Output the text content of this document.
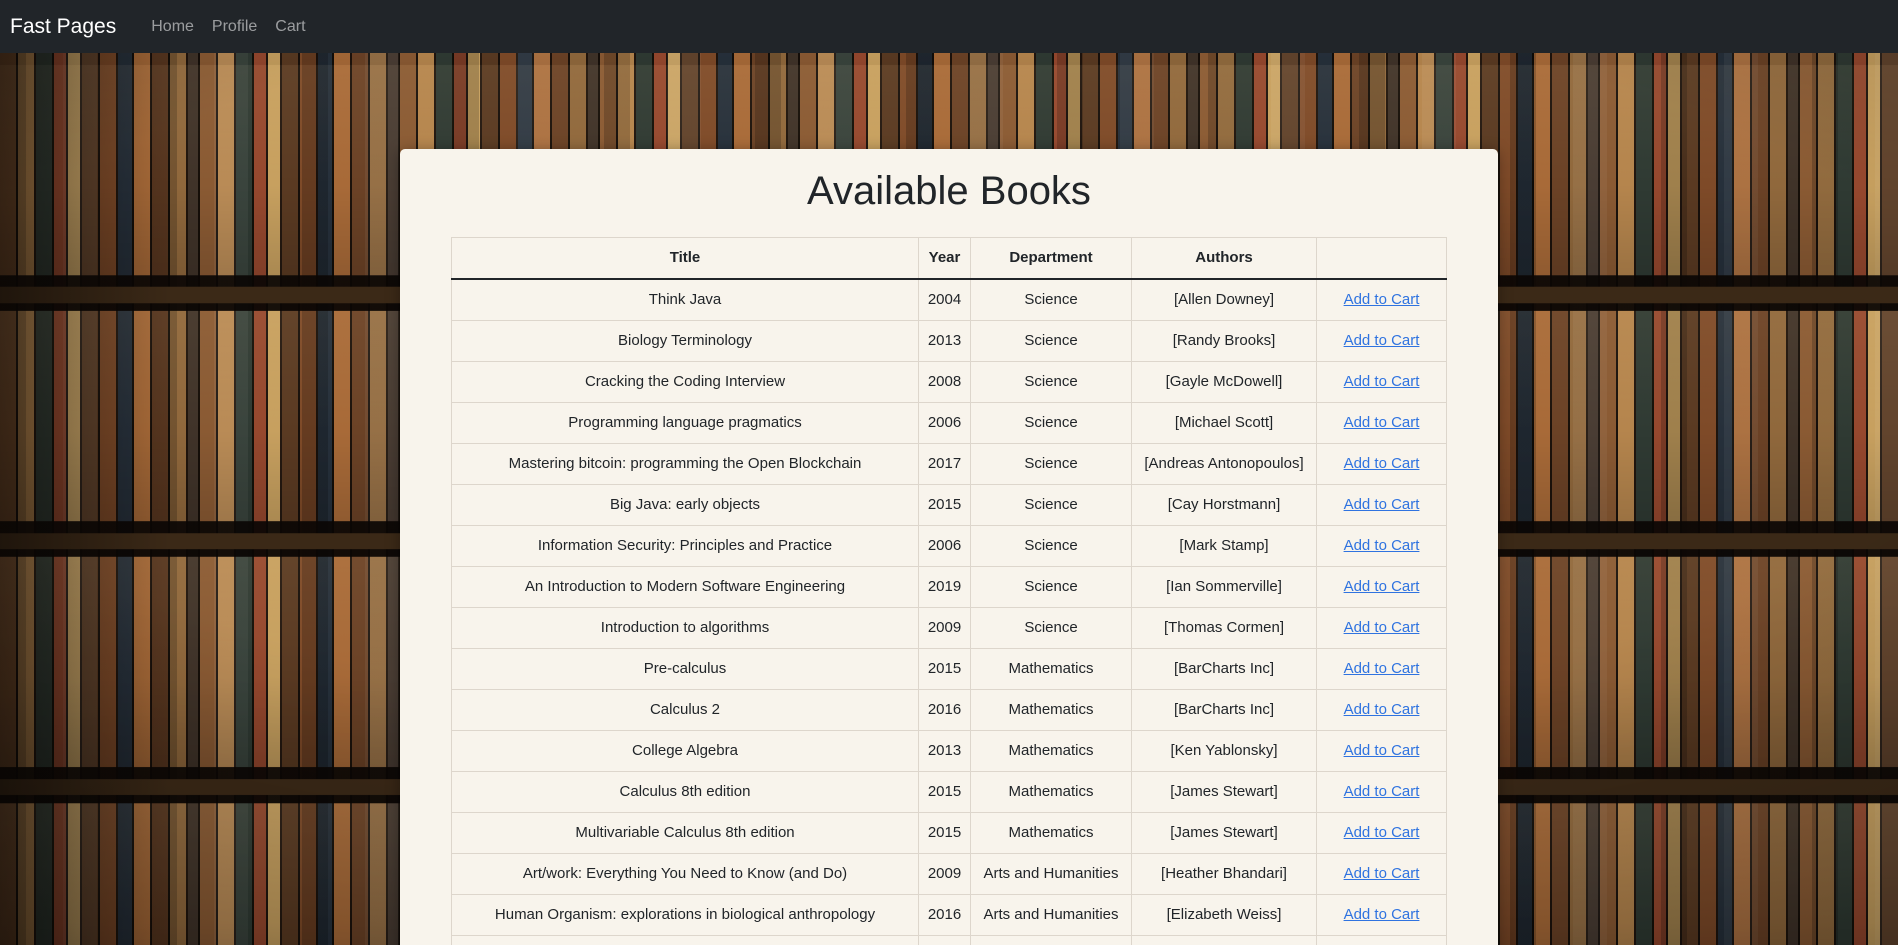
Fast Pages	Home	Profile	Cart
Available Books
Title	Year	Department	Authors	
Think Java	2004	Science	[Allen Downey]	Add to Cart
Biology Terminology	2013	Science	[Randy Brooks]	Add to Cart
Cracking the Coding Interview	2008	Science	[Gayle McDowell]	Add to Cart
Programming language pragmatics	2006	Science	[Michael Scott]	Add to Cart
Mastering bitcoin: programming the Open Blockchain	2017	Science	[Andreas Antonopoulos]	Add to Cart
Big Java: early objects	2015	Science	[Cay Horstmann]	Add to Cart
Information Security: Principles and Practice	2006	Science	[Mark Stamp]	Add to Cart
An Introduction to Modern Software Engineering	2019	Science	[Ian Sommerville]	Add to Cart
Introduction to algorithms	2009	Science	[Thomas Cormen]	Add to Cart
Pre-calculus	2015	Mathematics	[BarCharts Inc]	Add to Cart
Calculus 2	2016	Mathematics	[BarCharts Inc]	Add to Cart
College Algebra	2013	Mathematics	[Ken Yablonsky]	Add to Cart
Calculus 8th edition	2015	Mathematics	[James Stewart]	Add to Cart
Multivariable Calculus 8th edition	2015	Mathematics	[James Stewart]	Add to Cart
Art/work: Everything You Need to Know (and Do)	2009	Arts and Humanities	[Heather Bhandari]	Add to Cart
Human Organism: explorations in biological anthropology	2016	Arts and Humanities	[Elizabeth Weiss]	Add to Cart
